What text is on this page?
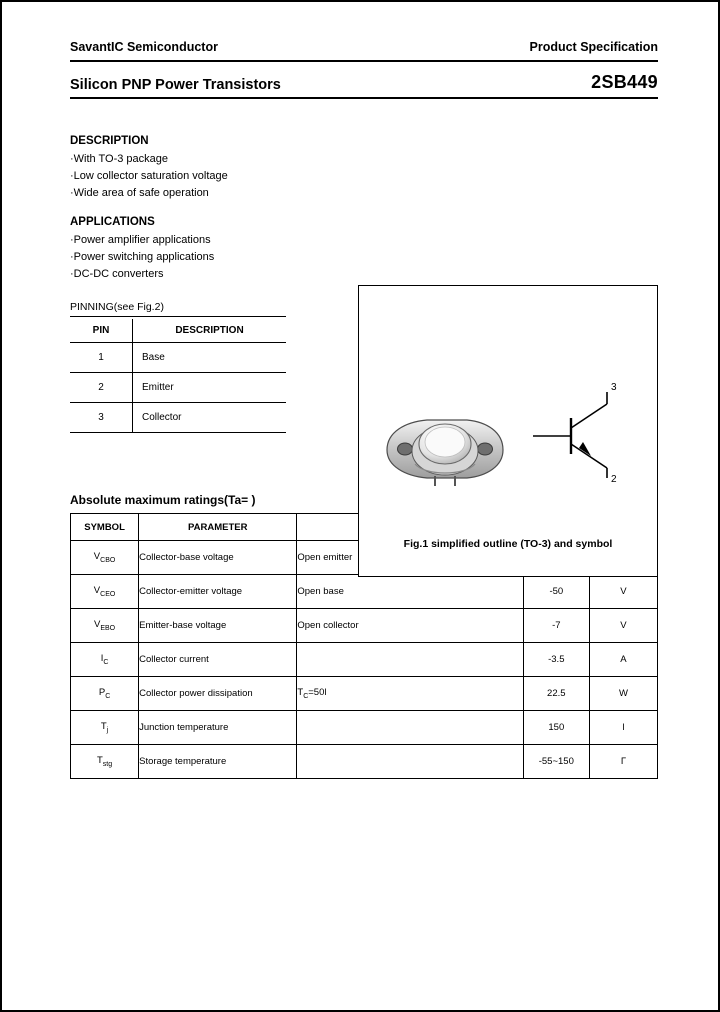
SavantIC Semiconductor	Product Specification
Silicon PNP Power Transistors	2SB449
DESCRIPTION
·With TO-3 package
·Low collector saturation voltage
·Wide area of safe operation
APPLICATIONS
·Power amplifier applications
·Power switching applications
·DC-DC converters
PINNING(see Fig.2)
PIN	DESCRIPTION
1	Base
2	Emitter
3	Collector
3
2
Fig.1 simplified outline (TO-3) and symbol
Absolute maximum ratings(Ta= )
SYMBOL	PARAMETER			
$V_{CBO}$	Collector-base voltage	Open emitter		
$V_{CEO}$	Collector-emitter voltage	Open base	-50	V
$V_{EBO}$	Emitter-base voltage	Open collector	-7	V
$I_C$	Collector current		-3.5	A
$P_C$	Collector power dissipation	$T_C=50l$	22.5	W
$T_j$	Junction temperature		150	l
$T_{stg}$	Storage temperature		-55~150	Γ
